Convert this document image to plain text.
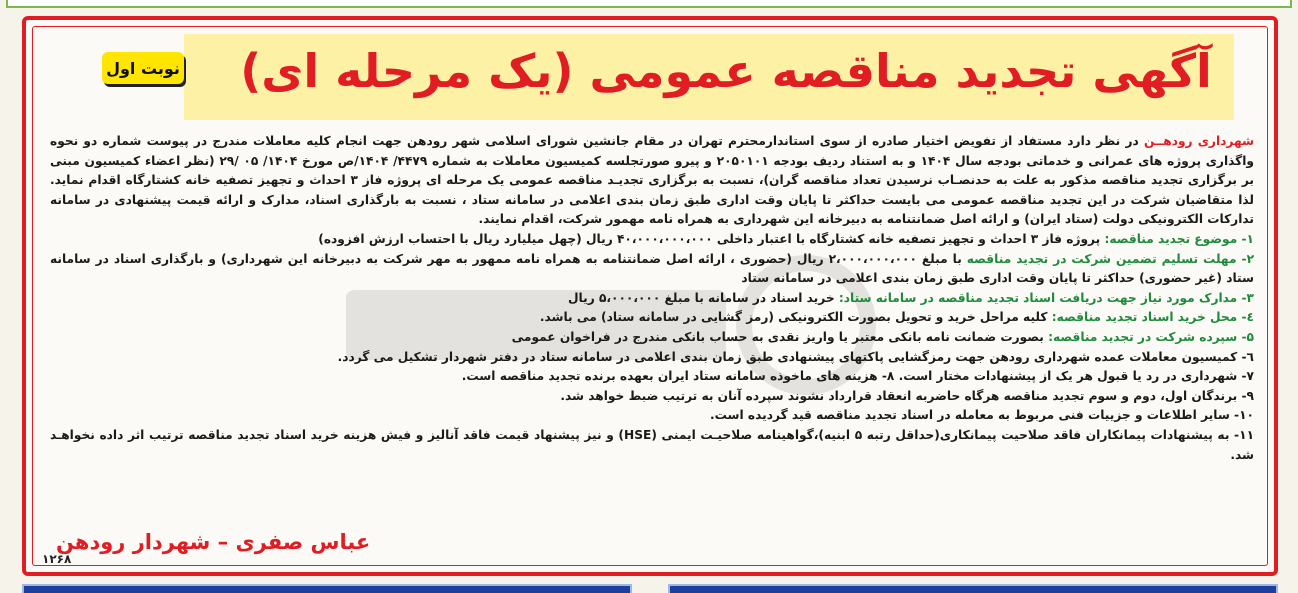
آگهی تجدید مناقصه عمومی (یک مرحله ای)
نوبت اول

شهرداری رودهــن در نظر دارد مستفاد از تفویض اختیار صادره از سوی استاندارمحترم تهران در مقام جانشین شورای اسلامی شهر رودهن جهت انجام کلیه معاملات مندرج در پیوست شماره دو نحوه واگذاری پروژه های عمرانی و خدماتی بودجه سال ۱۴۰۴ و به استناد ردیف بودجه ۲۰۵۰۱۰۱ و پیرو صورتجلسه کمیسیون معاملات به شماره ۴۴۷۹/ ۱۴۰۴/ص مورخ ۱۴۰۴/ ۰۵ /۲۹ (نظر اعضاء کمیسیون مبنی بر برگزاری تجدید مناقصه مذکور به علت به حدنصـاب نرسیدن تعداد مناقصه گران)، نسبت به برگزاری تجدیـد مناقصه عمومی یک مرحله ای پروژه فاز ۳ احداث و تجهیز تصفیه خانه کشتارگاه اقدام نماید. لذا متقاضیان شرکت در این تجدید مناقصه عمومی می بایست حداکثر تا پایان وقت اداری طبق زمان بندی اعلامی در سامانه ستاد ، نسبت به بارگذاری اسناد، مدارک و ارائه قیمت پیشنهادی در سامانه تدارکات الکترونیکی دولت (ستاد ایران) و ارائه اصل ضمانتنامه به دبیرخانه این شهرداری به همراه نامه مهمور شرکت، اقدام نمایند.

۱- موضوع تجدید مناقصه: پروژه فاز ۳ احداث و تجهیز تصفیه خانه کشتارگاه با اعتبار داخلی ۴۰،۰۰۰،۰۰۰،۰۰۰ ریال (چهل میلیارد ریال با احتساب ارزش افزوده)

۲- مهلت تسلیم تضمین شرکت در تجدید مناقصه با مبلغ ۲،۰۰۰،۰۰۰،۰۰۰ ریال (حضوری ، ارائه اصل ضمانتنامه به همراه نامه ممهور به مهر شرکت به دبیرخانه این شهرداری) و بارگذاری اسناد در سامانه ستاد (غیر حضوری) حداکثر تا پایان وقت اداری طبق زمان بندی اعلامی در سامانه ستاد

۳- مدارک مورد نیاز جهت دریافت اسناد تجدید مناقصه در سامانه ستاد: خرید اسناد در سامانه با مبلغ ۵،۰۰۰،۰۰۰ ریال

٤- محل خرید اسناد تجدید مناقصه: کلیه مراحل خرید و تحویل بصورت الکترونیکی (رمز گشایی در سامانه ستاد) می باشد.

۵- سپرده شرکت در تجدید مناقصه: بصورت ضمانت نامه بانکی معتبر یا واریز نقدی به حساب بانکی مندرج در فراخوان عمومی

٦- کمیسیون معاملات عمده شهرداری رودهن جهت رمزگشایی پاکتهای پیشنهادی طبق زمان بندی اعلامی در سامانه ستاد در دفتر شهردار تشکیل می گردد.

۷- شهرداری در رد یا قبول هر یک از پیشنهادات مختار است. ۸- هزینه های ماخوذه سامانه ستاد ایران بعهده برنده تجدید مناقصه است.

۹- برندگان اول، دوم و سوم تجدید مناقصه هرگاه حاضربه انعقاد قرارداد نشوند سپرده آنان به ترتیب ضبط خواهد شد.

۱۰- سایر اطلاعات و جزییات فنی مربوط به معامله در اسناد تجدید مناقصه قید گردیده است.

۱۱- به پیشنهادات پیمانکاران فاقد صلاحیت پیمانکاری(حداقل رتبه ۵ ابنیه)،گواهینامه صلاحیـت ایمنی (HSE) و نیز پیشنهاد قیمت فاقد آنالیز و فیش هزینه خرید اسناد تجدید مناقصه ترتیب اثر داده نخواهـد شد.

عباس صفری – شهردار رودهن
۱۲۶۸
